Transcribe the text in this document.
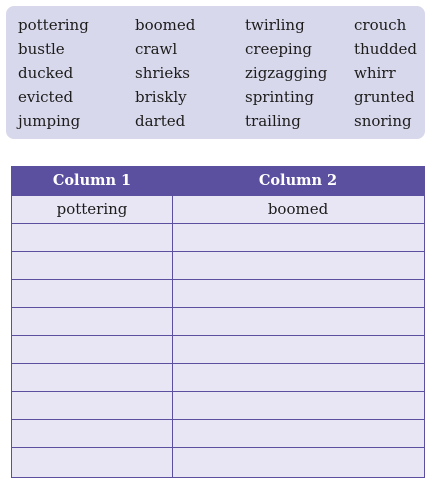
pottering
bustle
ducked
evicted
jumping
boomed
crawl
shrieks
briskly
darted
twirling
creeping
zigzagging
sprinting
trailing
crouch
thudded
whirr
grunted
snoring
Column 1	Column 2
pottering	boomed
